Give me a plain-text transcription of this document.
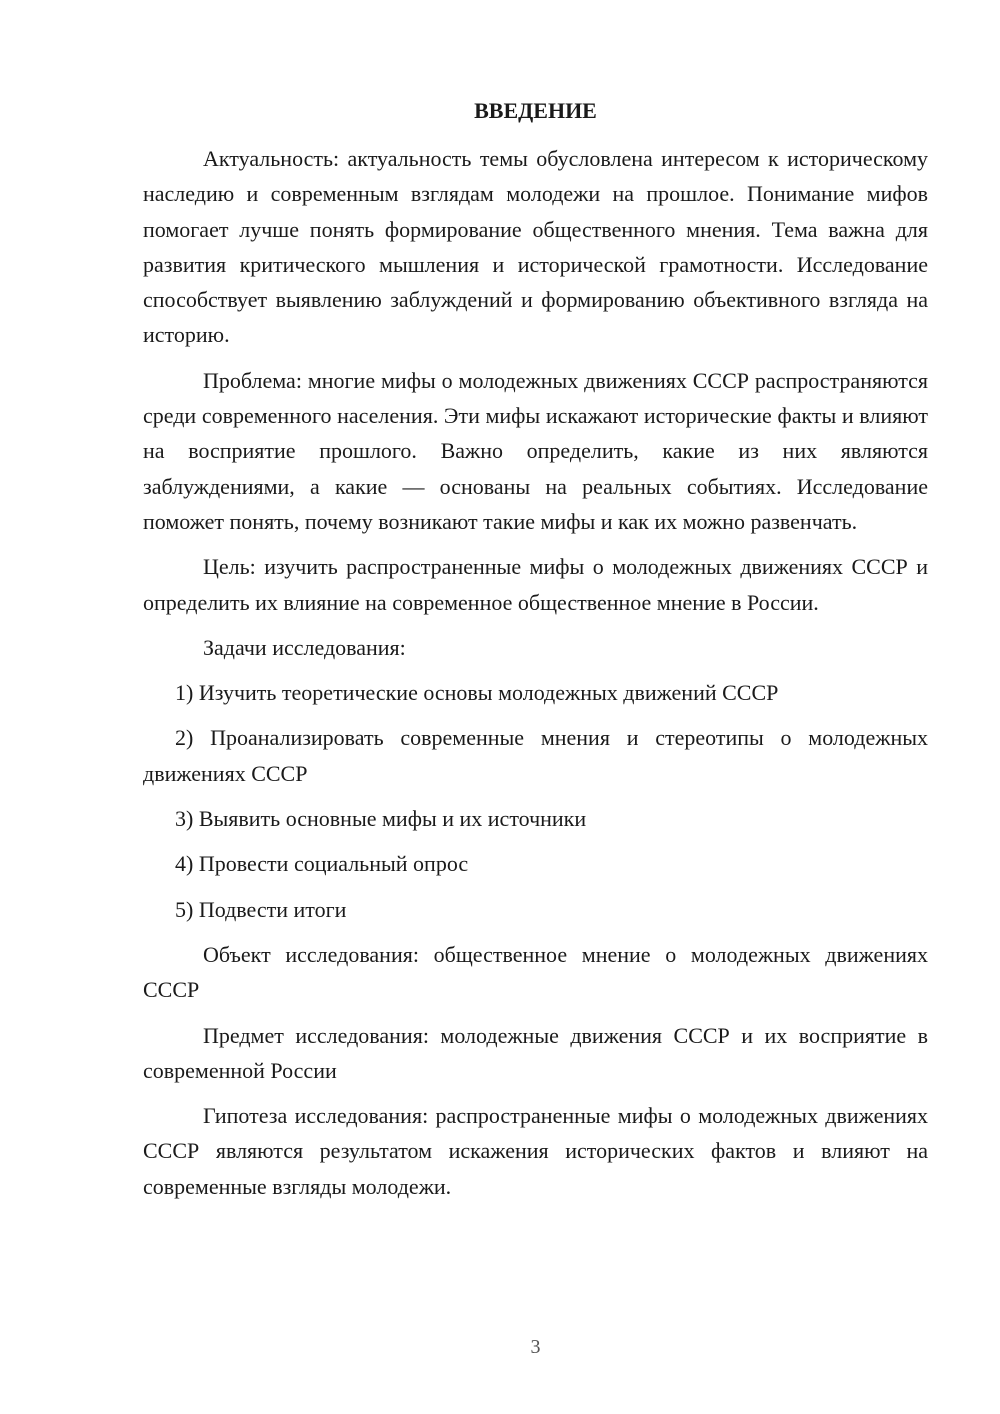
ВВЕДЕНИЕ

Актуальность: актуальность темы обусловлена интересом к историческому наследию и современным взглядам молодежи на прошлое. Понимание мифов помогает лучше понять формирование общественного мнения. Тема важна для развития критического мышления и исторической грамотности. Исследование способствует выявлению заблуждений и формированию объективного взгляда на историю.

Проблема: многие мифы о молодежных движениях СССР распространяются среди современного населения. Эти мифы искажают исторические факты и влияют на восприятие прошлого. Важно определить, какие из них являются заблуждениями, а какие — основаны на реальных событиях. Исследование поможет понять, почему возникают такие мифы и как их можно развенчать.

Цель: изучить распространенные мифы о молодежных движениях СССР и определить их влияние на современное общественное мнение в России.

Задачи исследования:

1) Изучить теоретические основы молодежных движений СССР

2) Проанализировать современные мнения и стереотипы о молодежных движениях СССР

3) Выявить основные мифы и их источники

4) Провести социальный опрос

5) Подвести итоги

Объект исследования: общественное мнение о молодежных движениях СССР

Предмет исследования: молодежные движения СССР и их восприятие в современной России

Гипотеза исследования: распространенные мифы о молодежных движениях СССР являются результатом искажения исторических фактов и влияют на современные взгляды молодежи.

3
